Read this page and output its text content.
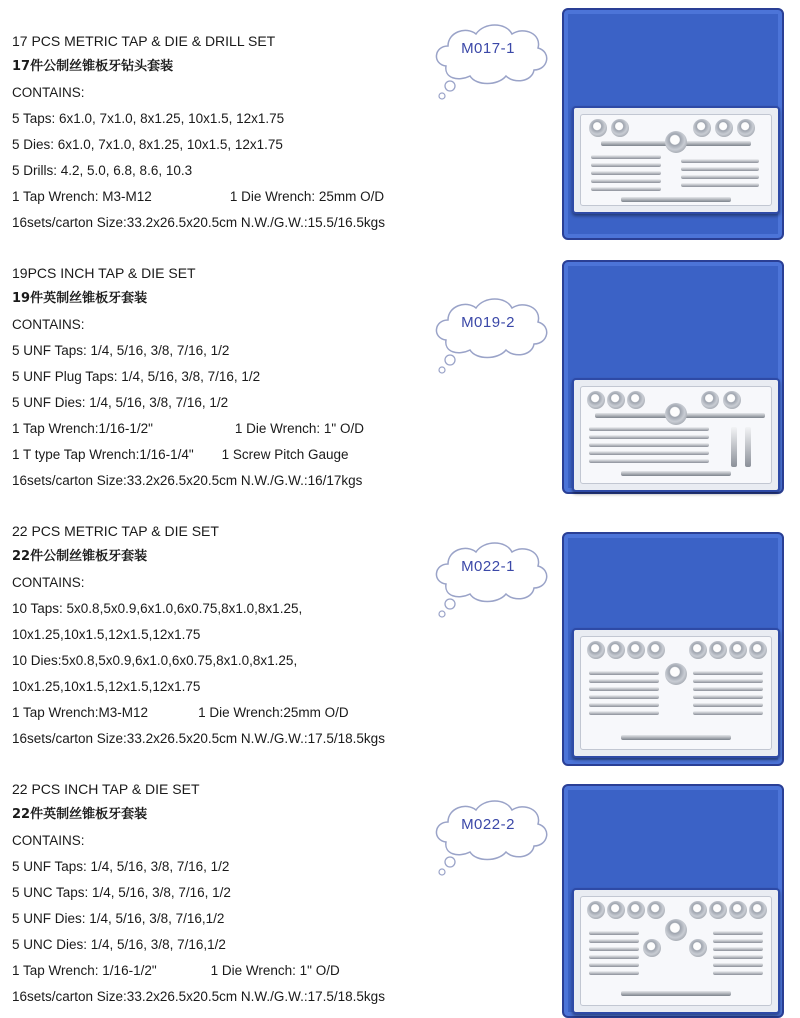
17 PCS METRIC TAP & DIE & DRILL SET
17件公制丝锥板牙钻头套装
CONTAINS:
5 Taps: 6x1.0, 7x1.0, 8x1.25, 10x1.5, 12x1.75
5 Dies: 6x1.0, 7x1.0, 8x1.25, 10x1.5, 12x1.75
5 Drills: 4.2, 5.0, 6.8, 8.6, 10.3
1 Tap Wrench: M3-M12	1 Die Wrench: 25mm O/D
16sets/carton Size:33.2x26.5x20.5cm N.W./G.W.:15.5/16.5kgs
M017-1
19PCS INCH TAP & DIE SET
19件英制丝锥板牙套装
CONTAINS:
5 UNF Taps: 1/4, 5/16, 3/8, 7/16, 1/2
5 UNF Plug Taps: 1/4, 5/16, 3/8, 7/16, 1/2
5 UNF Dies: 1/4, 5/16, 3/8, 7/16, 1/2
1 Tap Wrench:1/16-1/2"	1 Die Wrench: 1" O/D
1 T type Tap Wrench:1/16-1/4" 1 Screw Pitch Gauge
16sets/carton Size:33.2x26.5x20.5cm N.W./G.W.:16/17kgs
M019-2
22 PCS METRIC TAP & DIE SET
22件公制丝锥板牙套装
CONTAINS:
10 Taps: 5x0.8,5x0.9,6x1.0,6x0.75,8x1.0,8x1.25,
10x1.25,10x1.5,12x1.5,12x1.75
10 Dies:5x0.8,5x0.9,6x1.0,6x0.75,8x1.0,8x1.25,
10x1.25,10x1.5,12x1.5,12x1.75
1 Tap Wrench:M3-M12	1 Die Wrench:25mm O/D
16sets/carton Size:33.2x26.5x20.5cm N.W./G.W.:17.5/18.5kgs
M022-1
22 PCS INCH TAP & DIE SET
22件英制丝锥板牙套装
CONTAINS:
5 UNF Taps: 1/4, 5/16, 3/8, 7/16, 1/2
5 UNC Taps: 1/4, 5/16, 3/8, 7/16, 1/2
5 UNF Dies: 1/4, 5/16, 3/8, 7/16,1/2
5 UNC Dies: 1/4, 5/16, 3/8, 7/16,1/2
1 Tap Wrench: 1/16-1/2"	1 Die Wrench: 1" O/D
16sets/carton Size:33.2x26.5x20.5cm N.W./G.W.:17.5/18.5kgs
M022-2
